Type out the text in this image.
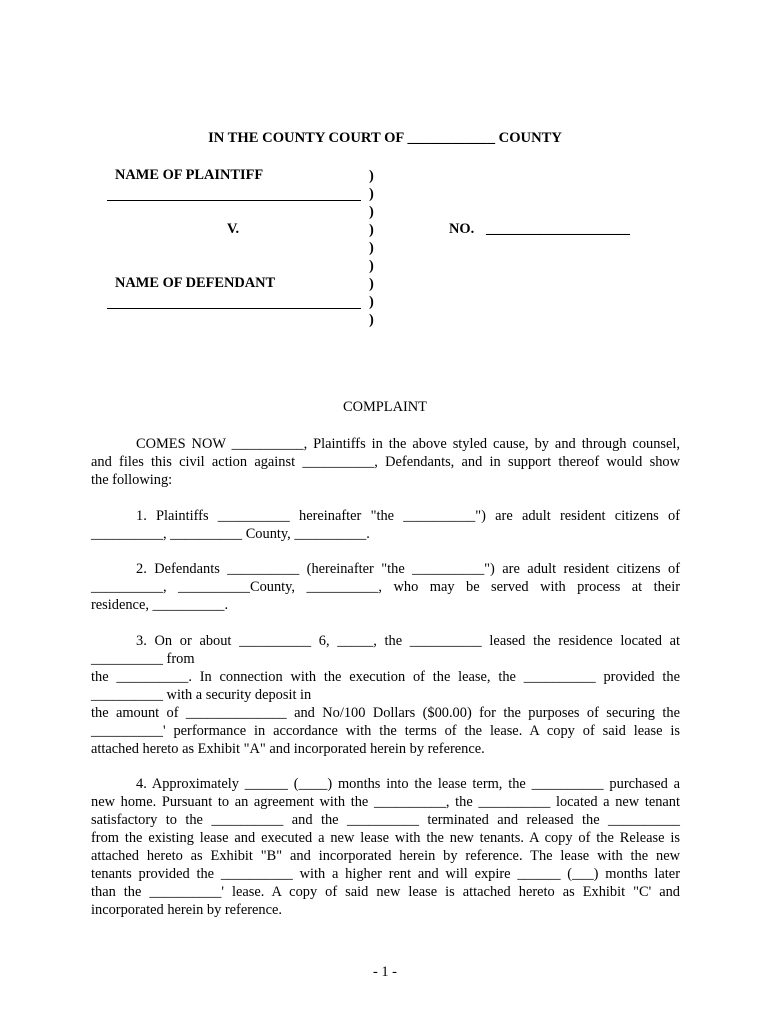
IN THE COUNTY COURT OF ____________ COUNTY
NAME OF PLAINTIFF
V.
NAME OF DEFENDANT
NO. ____________________
)
)
)
)
)
)
)
)
)
COMPLAINT
COMES NOW __________, Plaintiffs in the above styled cause, by and through counsel,
and files this civil action against __________, Defendants, and in support thereof would show
the following:
1. Plaintiffs __________ hereinafter "the __________") are adult resident citizens of
__________, __________ County, __________.
2. Defendants __________ (hereinafter "the __________") are adult resident citizens of
__________, __________County, __________, who may be served with process at their
residence, __________.
3. On or about __________ 6, _____, the __________ leased the residence located at
__________ from
the __________. In connection with the execution of the lease, the __________ provided the
__________ with a security deposit in
the amount of ______________ and No/100 Dollars ($00.00) for the purposes of securing the
__________' performance in accordance with the terms of the lease. A copy of said lease is
attached hereto as Exhibit "A" and incorporated herein by reference.
4. Approximately ______ (____) months into the lease term, the __________ purchased a
new home. Pursuant to an agreement with the __________, the __________ located a new tenant
satisfactory to the __________ and the __________ terminated and released the __________
from the existing lease and executed a new lease with the new tenants. A copy of the Release is
attached hereto as Exhibit "B" and incorporated herein by reference. The lease with the new
tenants provided the __________ with a higher rent and will expire ______ (___) months later
than the __________' lease. A copy of said new lease is attached hereto as Exhibit "C' and
incorporated herein by reference.
- 1 -
